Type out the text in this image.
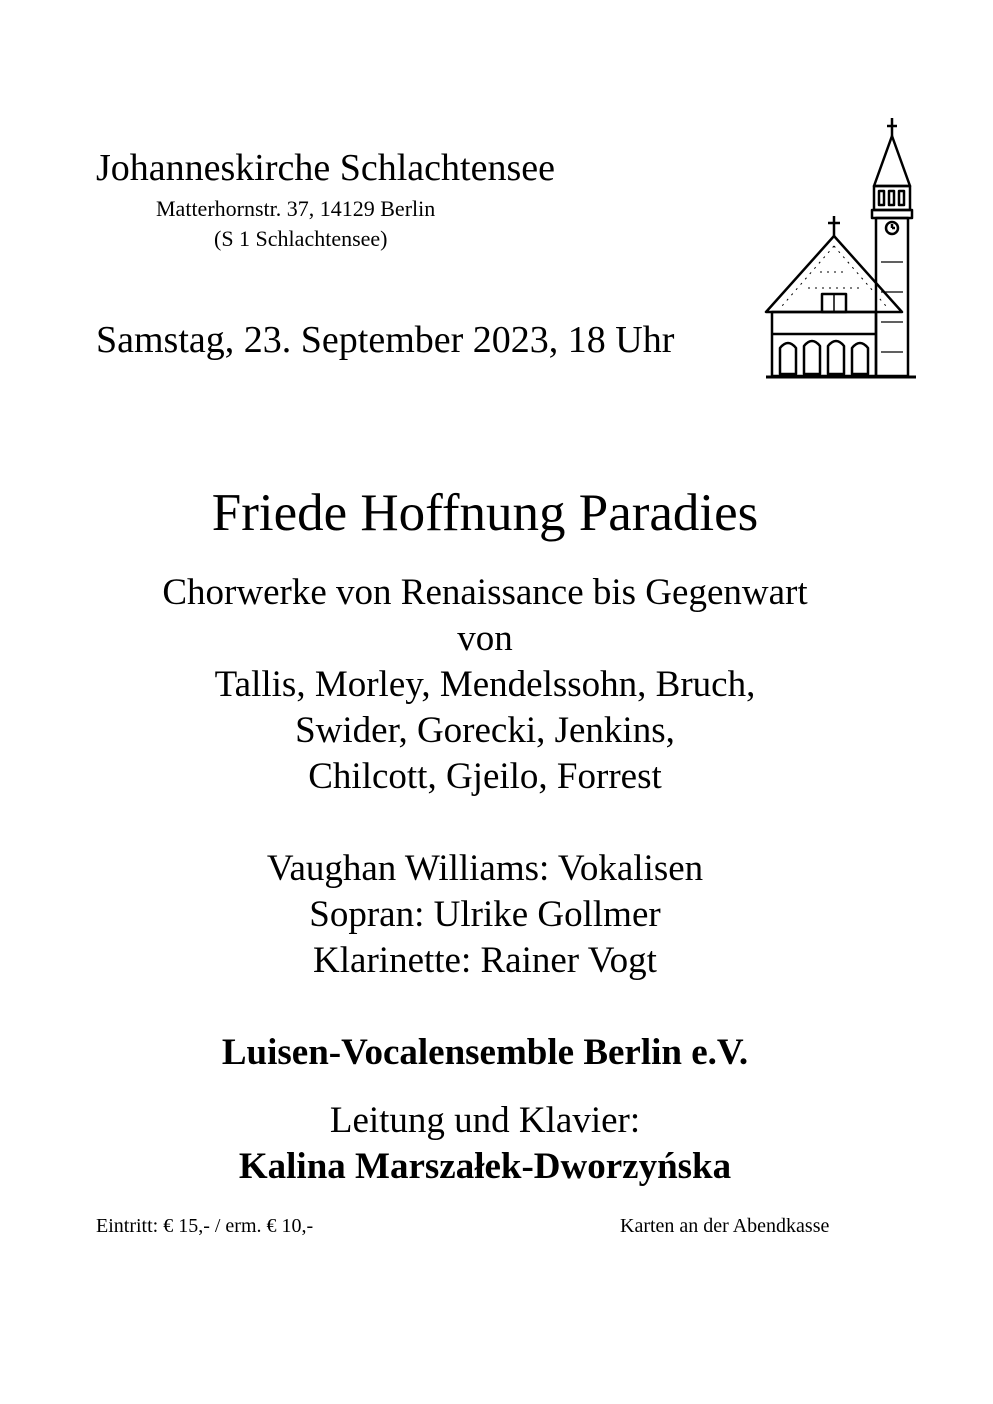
Johanneskirche Schlachtensee
Matterhornstr. 37, 14129 Berlin
(S 1 Schlachtensee)
Samstag, 23. September 2023, 18 Uhr
Friede Hoffnung Paradies
Chorwerke von Renaissance bis Gegenwart
von
Tallis, Morley, Mendelssohn, Bruch,
Swider, Gorecki, Jenkins,
Chilcott, Gjeilo, Forrest
Vaughan Williams: Vokalisen
Sopran: Ulrike Gollmer
Klarinette: Rainer Vogt
Luisen-Vocalensemble Berlin e.V.
Leitung und Klavier:
Kalina Marszałek-Dworzyńska
Eintritt: € 15,- / erm. € 10,-	Karten an der Abendkasse
